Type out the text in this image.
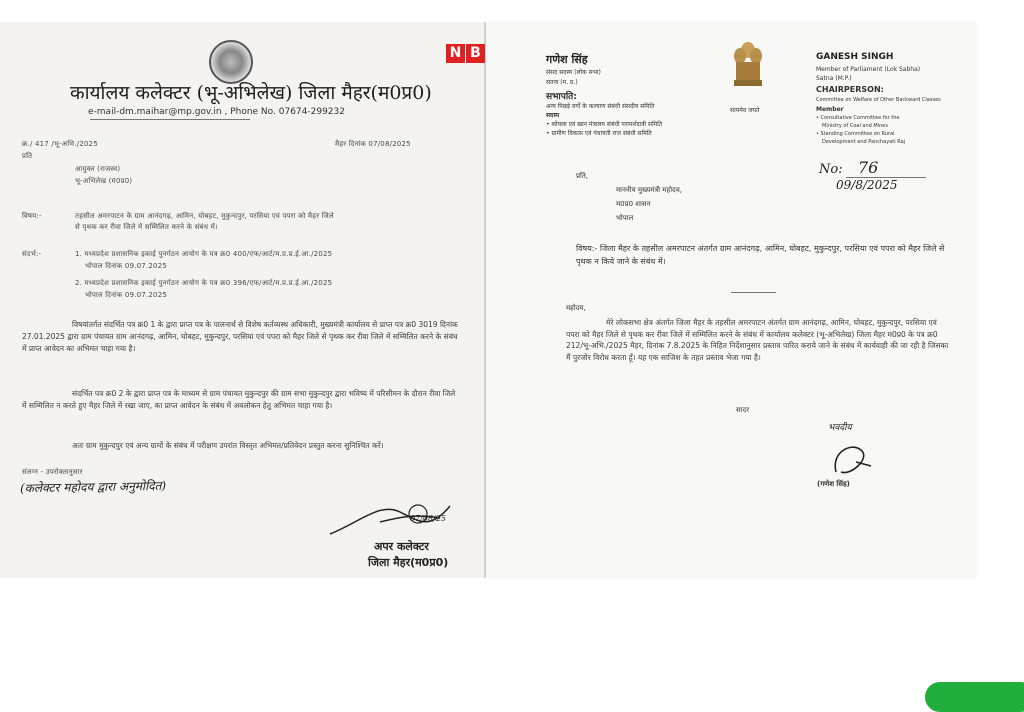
कार्यालय कलेक्टर (भू-अभिलेख) जिला मैहर(म0प्र0)
e-mail-dm.maihar@mp.gov.in , Phone No. 07674-299232
क्र./ 417 /भू-अभि./2025	मैहर दिनांक 07/08/2025
प्रति
आयुक्त (राजस्व)
भू-अभिलेख (म0प्र0)
विषय:-	तहसील अमरपाटन के ग्राम आनंदगढ़, आमिन, घोबहट, मुकुन्दपुर, परसिया एवं पपरा को मैहर जिले
से पृथक कर रीवा जिले में सम्मिलित करने के संबंध में।
संदर्भ:-	1. मध्यप्रदेश प्रशासनिक इकाई पुनर्गठन आयोग के पत्र क्र0 400/एफ/आर्ट/म.प्र.प्र.ई.आ./2025
भोपाल दिनांक 09.07.2025
2. मध्यप्रदेश प्रशासनिक इकाई पुनर्गठन आयोग के पत्र क्र0 396/एफ/आर्ट/म.प्र.प्र.ई.आ./2025
भोपाल दिनांक 09.07.2025
विषयांतर्गत संदर्भित पत्र क्र0 1 के द्वारा प्राप्त पत्र के पालनार्थ से विशेष कर्तव्यस्थ अधिकारी, मुख्यमंत्री कार्यालय से प्राप्त पत्र क्र0 3019 दिनांक 27.01.2025 द्वारा ग्राम पंचायत ग्राम आनंदगढ़, आमिन, घोबहट, मुकुन्दपुर, परसिया एवं पपरा को मैहर जिले से पृथक कर रीवा जिले में सम्मिलित करने के संबंध में प्राप्त आवेदन का अभिमत चाहा गया है।
संदर्भित पत्र क्र0 2 के द्वारा प्राप्त पत्र के माध्यम से ग्राम पंचायत मुकुन्दपुर की ग्राम सभा मुकुन्दपुर द्वारा भविष्य में परिसीमन के दौरान रीवा जिले में सम्मिलित न करते हुए मैहर जिले में रखा जाए, का प्राप्त आवेदन के संबंध में अवलोकन हेतु अभिमत चाहा गया है।
अतः ग्राम मुकुन्दपुर एवं अन्य ग्रामों के संबंध में परीक्षण उपरांत विस्तृत अभिमत/प्रतिवेदन प्रस्तुत करना सुनिश्चित करें।
संलग्न - उपरोक्तानुसार
(कलेक्टर महोदय द्वारा अनुमोदित)
07/08/25
अपर कलेक्टर
जिला मैहर(म0प्र0)
N B	गणेश सिंह
संसद सदस्य (लोक सभा)
सतना (म. प्र.)
सभापति:
अन्य पिछड़े वर्गों के कल्याण संबंधी संसदीय समिति
सदस्य
• कोयला एवं खान मंत्रालय संबंधी परामर्शदात्री समिति
• ग्रामीण विकास एवं पंचायती राज संबंधी समिति
सत्यमेव जयते
GANESH SINGH
Member of Parliament (Lok Sabha)
Satna (M.P.)
CHAIRPERSON:
Committee on Welfare of Other Backward Classes
Member
• Consultative Committee for the
Ministry of Coal and Mines
• Standing Committee on Rural
Development and Panchayati Raj
No: 76
09/8/2025
प्रति,
माननीय मुख्यमंत्री महोदय,
म0प्र0 शासन
भोपाल
विषय:- जिला मैहर के तहसील अमरपाटन अंतर्गत ग्राम आनंदगढ़, आमिन, घोबहट, मुकुन्दपुर, परसिया एवं पपरा को मैहर जिले से पृथक न किये जाने के संबंध में।
महोदय,
मेरे लोकसभा क्षेत्र अंतर्गत जिला मैहर के तहसील अमरपाटन अंतर्गत ग्राम आनंदगढ़, आमिन, घोबहट, मुकुन्दपुर, परसिया एवं पपरा को मैहर जिले से पृथक कर रीवा जिले में सम्मिलित करने के संबंध में कार्यालय कलेक्टर (भू-अभिलेख) जिला मैहर म0प्र0 के पत्र क्र0 212/भू-अभि./2025 मैहर, दिनांक 7.8.2025 के निहित निर्देशानुसार प्रस्ताव पारित कराये जाने के संबंध में कार्यवाही की जा रही है जिसका मैं पुरजोर विरोध करता हूँ। यह एक साजिश के तहत प्रस्ताव भेजा गया है।
सादर
भवदीय
(गणेश सिंह)
